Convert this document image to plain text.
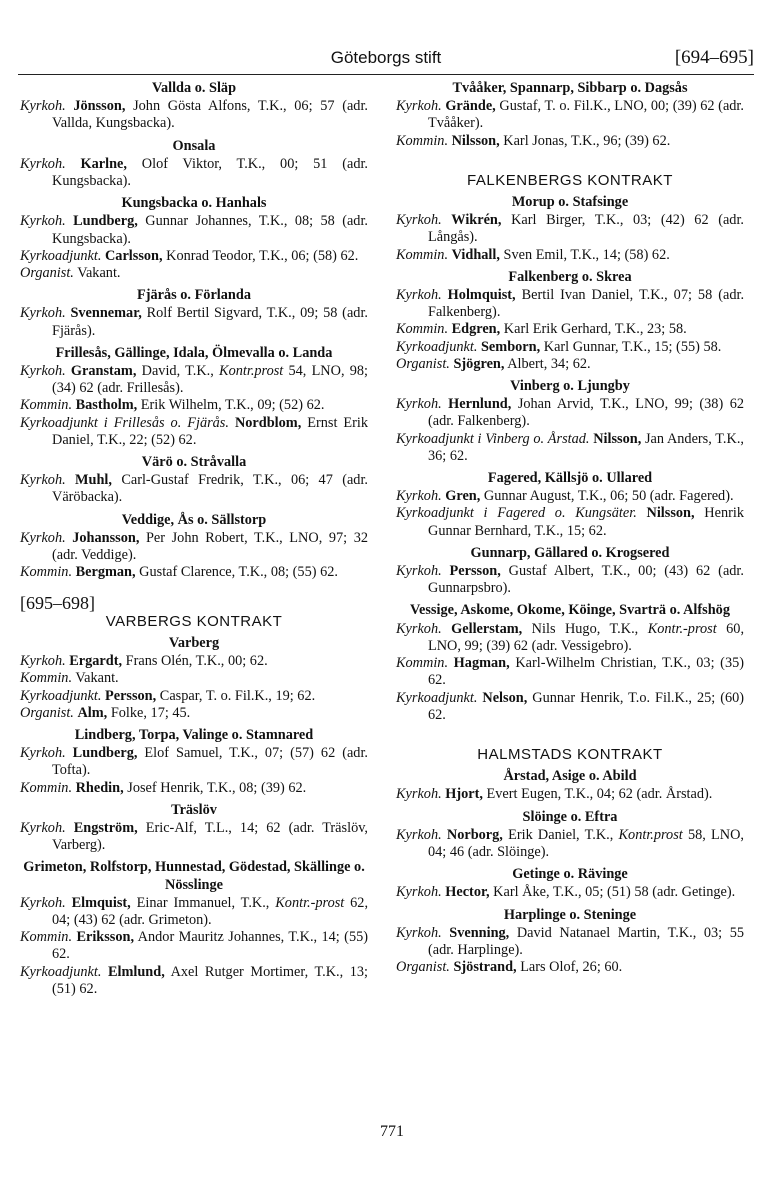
Göteborgs stift	[694–695]
Vallda o. Släp
Kyrkoh. Jönsson, John Gösta Alfons, T.K., 06; 57 (adr. Vallda, Kungsbacka).
Onsala
Kyrkoh. Karlne, Olof Viktor, T.K., 00; 51 (adr. Kungsbacka).
Kungsbacka o. Hanhals
Kyrkoh. Lundberg, Gunnar Johannes, T.K., 08; 58 (adr. Kungsbacka).
Kyrkoadjunkt. Carlsson, Konrad Teodor, T.K., 06; (58) 62.
Organist. Vakant.
Fjärås o. Förlanda
Kyrkoh. Svennemar, Rolf Bertil Sigvard, T.K., 09; 58 (adr. Fjärås).
Frillesås, Gällinge, Idala, Ölmevalla o. Landa
Kyrkoh. Granstam, David, T.K., Kontr.prost 54, LNO, 98; (34) 62 (adr. Frillesås).
Kommin. Bastholm, Erik Wilhelm, T.K., 09; (52) 62.
Kyrkoadjunkt i Frillesås o. Fjärås. Nordblom, Ernst Erik Daniel, T.K., 22; (52) 62.
Värö o. Stråvalla
Kyrkoh. Muhl, Carl-Gustaf Fredrik, T.K., 06; 47 (adr. Väröbacka).
Veddige, Ås o. Sällstorp
Kyrkoh. Johansson, Per John Robert, T.K., LNO, 97; 32 (adr. Veddige).
Kommin. Bergman, Gustaf Clarence, T.K., 08; (55) 62.
[695–698]
VARBERGS KONTRAKT
Varberg
Kyrkoh. Ergardt, Frans Olén, T.K., 00; 62.
Kommin. Vakant.
Kyrkoadjunkt. Persson, Caspar, T. o. Fil.K., 19; 62.
Organist. Alm, Folke, 17; 45.
Lindberg, Torpa, Valinge o. Stamnared
Kyrkoh. Lundberg, Elof Samuel, T.K., 07; (57) 62 (adr. Tofta).
Kommin. Rhedin, Josef Henrik, T.K., 08; (39) 62.
Träslöv
Kyrkoh. Engström, Eric-Alf, T.L., 14; 62 (adr. Träslöv, Varberg).
Grimeton, Rolfstorp, Hunnestad, Gödestad, Skällinge o. Nösslinge
Kyrkoh. Elmquist, Einar Immanuel, T.K., Kontr.-prost 62, 04; (43) 62 (adr. Grimeton).
Kommin. Eriksson, Andor Mauritz Johannes, T.K., 14; (55) 62.
Kyrkoadjunkt. Elmlund, Axel Rutger Mortimer, T.K., 13; (51) 62.
Tvååker, Spannarp, Sibbarp o. Dagsås
Kyrkoh. Grände, Gustaf, T. o. Fil.K., LNO, 00; (39) 62 (adr. Tvååker).
Kommin. Nilsson, Karl Jonas, T.K., 96; (39) 62.
FALKENBERGS KONTRAKT
Morup o. Stafsinge
Kyrkoh. Wikrén, Karl Birger, T.K., 03; (42) 62 (adr. Långås).
Kommin. Vidhall, Sven Emil, T.K., 14; (58) 62.
Falkenberg o. Skrea
Kyrkoh. Holmquist, Bertil Ivan Daniel, T.K., 07; 58 (adr. Falkenberg).
Kommin. Edgren, Karl Erik Gerhard, T.K., 23; 58.
Kyrkoadjunkt. Semborn, Karl Gunnar, T.K., 15; (55) 58.
Organist. Sjögren, Albert, 34; 62.
Vinberg o. Ljungby
Kyrkoh. Hernlund, Johan Arvid, T.K., LNO, 99; (38) 62 (adr. Falkenberg).
Kyrkoadjunkt i Vinberg o. Årstad. Nilsson, Jan Anders, T.K., 36; 62.
Fagered, Källsjö o. Ullared
Kyrkoh. Gren, Gunnar August, T.K., 06; 50 (adr. Fagered).
Kyrkoadjunkt i Fagered o. Kungsäter. Nilsson, Henrik Gunnar Bernhard, T.K., 15; 62.
Gunnarp, Gällared o. Krogsered
Kyrkoh. Persson, Gustaf Albert, T.K., 00; (43) 62 (adr. Gunnarpsbro).
Vessige, Askome, Okome, Köinge, Svarträ o. Alfshög
Kyrkoh. Gellerstam, Nils Hugo, T.K., Kontr.-prost 60, LNO, 99; (39) 62 (adr. Vessigebro).
Kommin. Hagman, Karl-Wilhelm Christian, T.K., 03; (35) 62.
Kyrkoadjunkt. Nelson, Gunnar Henrik, T.o. Fil.K., 25; (60) 62.
HALMSTADS KONTRAKT
Årstad, Asige o. Abild
Kyrkoh. Hjort, Evert Eugen, T.K., 04; 62 (adr. Årstad).
Slöinge o. Eftra
Kyrkoh. Norborg, Erik Daniel, T.K., Kontr.prost 58, LNO, 04; 46 (adr. Slöinge).
Getinge o. Rävinge
Kyrkoh. Hector, Karl Åke, T.K., 05; (51) 58 (adr. Getinge).
Harplinge o. Steninge
Kyrkoh. Svenning, David Natanael Martin, T.K., 03; 55 (adr. Harplinge).
Organist. Sjöstrand, Lars Olof, 26; 60.
771
